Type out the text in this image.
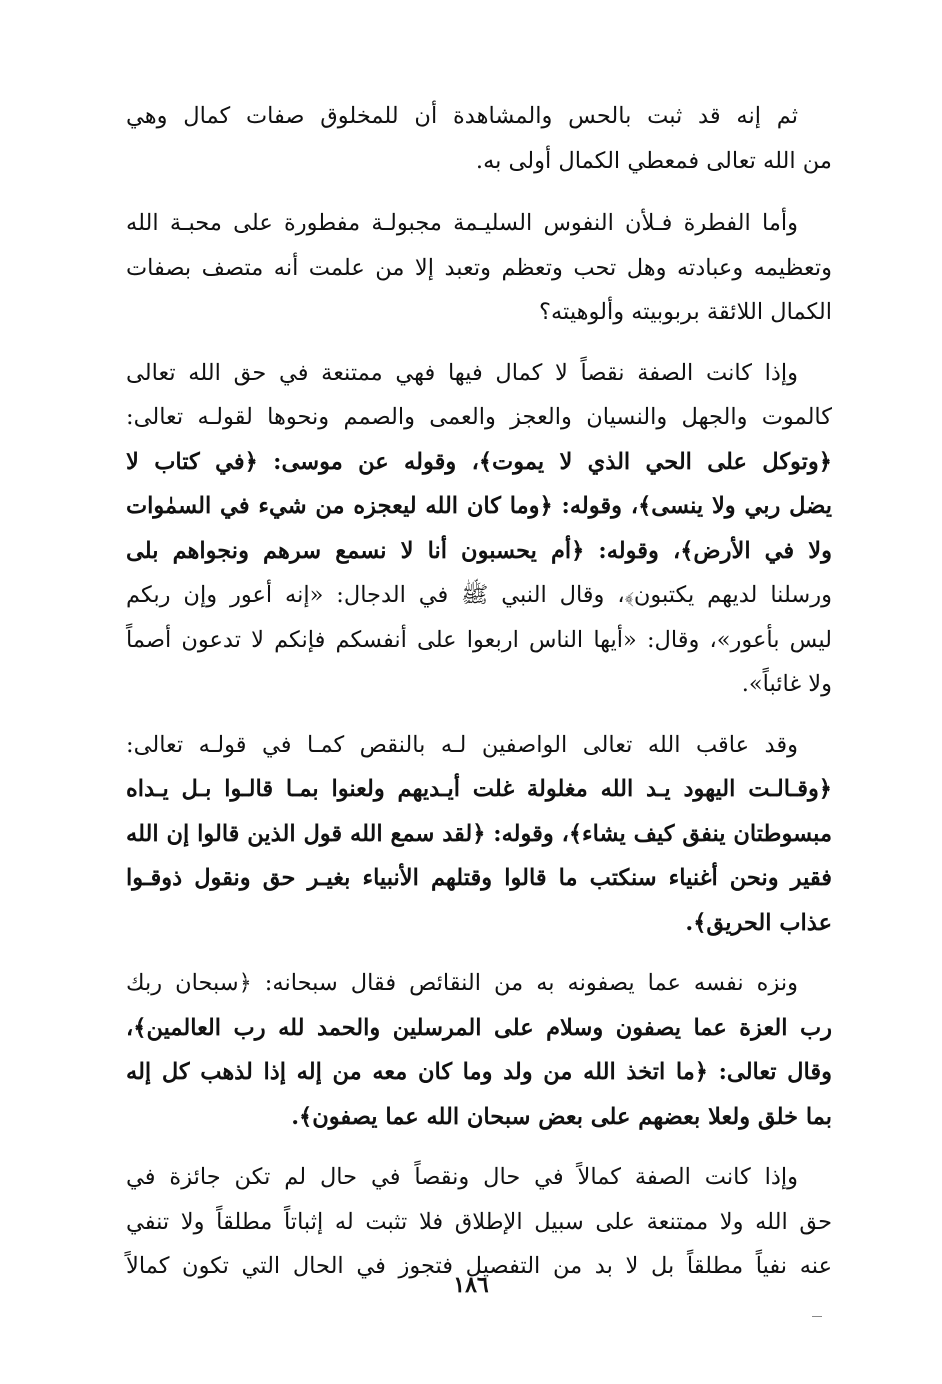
ثم إنه قد ثبت بالحس والمشاهدة أن للمخلوق صفات كمال وهي
من الله تعالى فمعطي الكمال أولى به.

وأما الفطرة فـلأن النفوس السليـمة مجبولـة مفطورة على محبـة الله
وتعظيمه وعبادته وهل تحب وتعظم وتعبد إلا من علمت أنه متصف بصفات
الكمال اللائقة بربوبيته وألوهيته؟

وإذا كانت الصفة نقصاً لا كمال فيها فهي ممتنعة في حق الله تعالى
كالموت والجهل والنسيان والعجز والعمى والصمم ونحوها لقولـه تعالى:
﴿وتوكل على الحي الذي لا يموت﴾، وقوله عن موسى: ﴿في كتاب لا
يضل ربي ولا ينسى﴾، وقوله: ﴿وما كان الله ليعجزه من شيء في السمٰوات
ولا في الأرض﴾، وقوله: ﴿أم يحسبون أنا لا نسمع سرهم ونجواهم بلى
ورسلنا لديهم يكتبون﴾، وقال النبي ﷺ في الدجال: «إنه أعور وإن ربكم
ليس بأعور»، وقال: «أيها الناس اربعوا على أنفسكم فإنكم لا تدعون أصماً
ولا غائباً».

وقد عاقب الله تعالى الواصفين لـه بالنقص كمـا في قولـه تعالى:
﴿وقـالـت اليهود يـد الله مغلولة غلت أيـديهم ولعنوا بمـا قالـوا بـل يـداه
مبسوطتان ينفق كيف يشاء﴾، وقوله: ﴿لقد سمع الله قول الذين قالوا إن الله
فقير ونحن أغنياء سنكتب ما قالوا وقتلهم الأنبياء بغيـر حق ونقول ذوقـوا
عذاب الحريق﴾.

ونزه نفسه عما يصفونه به من النقائص فقال سبحانه: ﴿سبحان ربك
رب العزة عما يصفون وسلام على المرسلين والحمد لله رب العالمين﴾،
وقال تعالى: ﴿ما اتخذ الله من ولد وما كان معه من إله إذا لذهب كل إله
بما خلق ولعلا بعضهم على بعض سبحان الله عما يصفون﴾.

وإذا كانت الصفة كمالاً في حال ونقصاً في حال لم تكن جائزة في
حق الله ولا ممتنعة على سبيل الإطلاق فلا تثبت له إثباتاً مطلقاً ولا تنفي
عنه نفياً مطلقاً بل لا بد من التفصيل فتجوز في الحال التي تكون كمالاً

١٨٦
